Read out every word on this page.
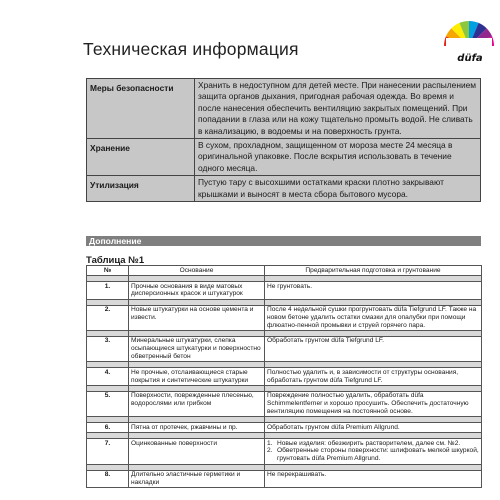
Техническая информация	düfa
Меры безопасности	Хранить в недоступном для детей месте. При нанесении распылением защита органов дыхания, пригодная рабочая одежда. Во время и после нанесения обеспечить вентиляцию закрытых помещений. При попадании в глаза или на кожу тщательно промыть водой. Не сливать в канализацию, в водоемы и на поверхность грунта.
Хранение	В сухом, прохладном, защищенном от мороза месте 24 месяца в оригинальной упаковке. После вскрытия использовать в течение одного месяца.
Утилизация	Пустую тару с высохшими остатками краски плотно закрывают крышками и выносят в места сбора бытового мусора.
Дополнение
Таблица №1
№	Основание	Предварительная подготовка и грунтование

1.	Прочные основания в виде матовых дисперсионных красок и штукатурок	Не грунтовать.

2.	Новые штукатурки на основе цемента и извести.	После 4 недельной сушки прогрунтовать düfa Tiefgrund LF. Также на новом бетоне удалить остатки смазки для опалубки при помощи флюатно-пенной промывки и струей горячего пара.

3.	Минеральные штукатурки, слепка осыпающиеся штукатурки и поверхностно обветренный бетон	Обработать грунтом düfa Tiefgrund LF.

4.	Не прочные, отслаивающиеся старые покрытия и синтетические штукатурки	Полностью удалить и, в зависимости от структуры основания, обработать грунтом düfa Tiefgrund LF.

5.	Поверхности, поврежденные плесенью, водорослями или грибком	Повреждение полностью удалить, обработать düfa Schimmelentferner и хорошо просушить. Обеспечить достаточную вентиляцию помещения на постоянной основе.

6.	Пятна от протечек, ржавчины и пр.	Обработать грунтом düfa Premium Allgrund.

7.	Оцинкованные поверхности	1. Новые изделия: обезжирить растворителем, далее см. №2.
2. Обветренные стороны поверхности: шлифовать мелкой шкуркой, грунтовать düfa Premium Allgrund.

8.	Длительно эластичные герметики и накладки	Не перекрашивать.
